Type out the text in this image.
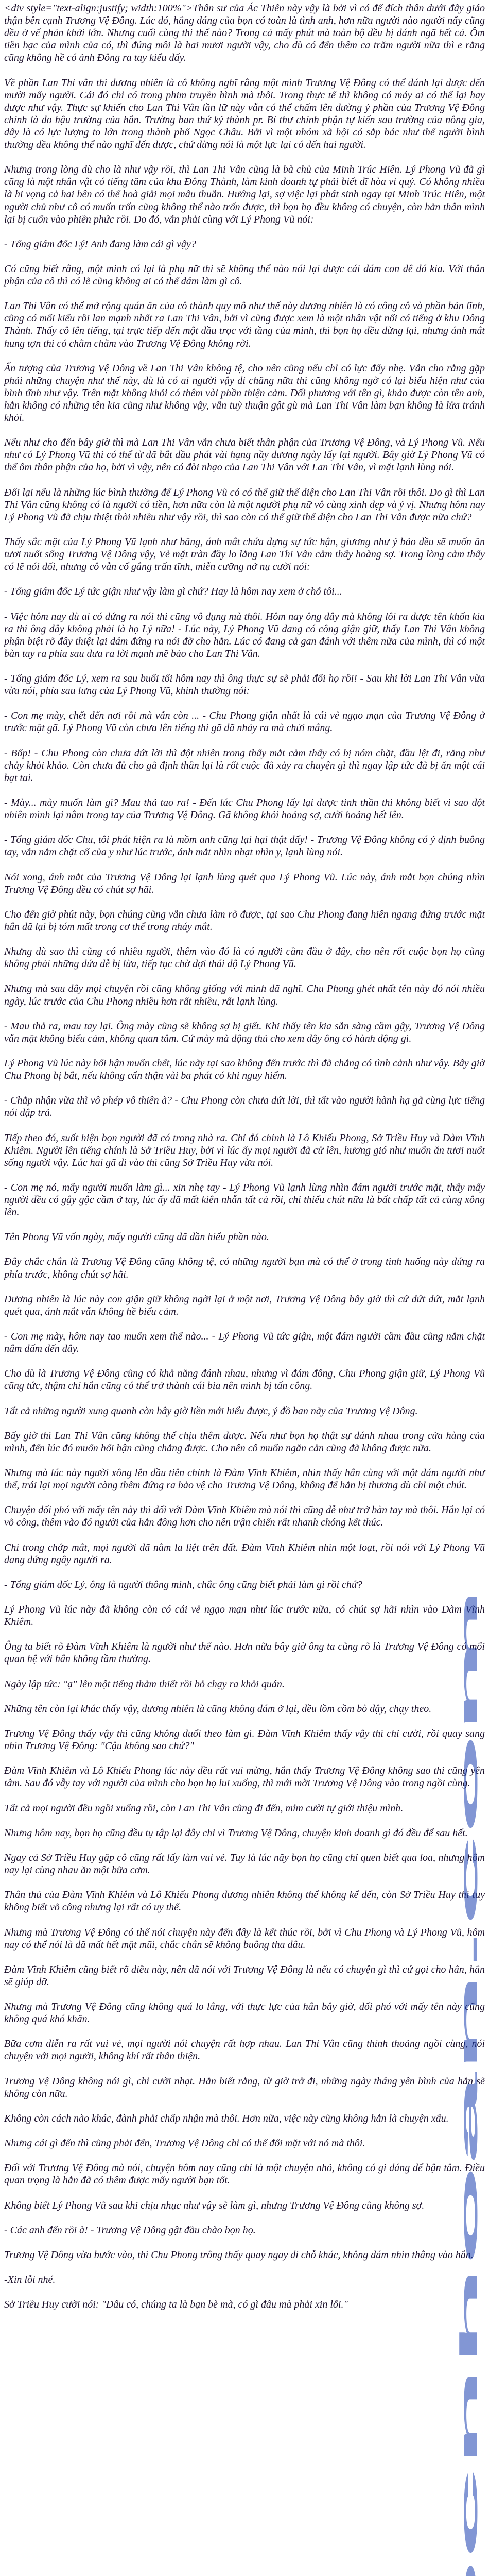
<div style="text-align:justify; width:100%">Thân sư của Ác Thiên này vậy là bởi vì có để đích thân dưới đây giáo thận bên cạnh Trương Vệ Đông. Lúc đó, hẳng dáng của bọn có toàn là tình anh, hơn nữa người nào người nấy cũng đều ở vế phản khởi lớn. Nhưng cuối cùng thì thế nào? Trong cả mấy phút mà toàn bộ đều bị đánh ngã hết cả. Ôm tiền bạc của mình của có, thì đúng môi là hai mươi người vậy, cho dù có đến thêm ca trăm người nữa thì e rằng cũng không hề có ảnh Đông ra tay kiểu đấy.

Về phần Lan Thi vân thì đương nhiên là cô không nghĩ rằng một mình Trương Vệ Đông có thể đánh lại được đến mười mấy người. Cái đó chỉ có trong phim truyền hình mà thôi. Trong thực tế thì không có máy ai có thể lại hay được như vậy. Thực sự khiến cho Lan Thi Vân lần lữ này vẫn có thể chấm lên đường ý phần của Trương Vệ Đông chính là do hậu trường của hắn. Trường ban thứ ký thành pr. Bí thư chính phận tự kiến sau trường của nông gia, dây là có lực lượng to lớn trong thành phố Ngọc Châu. Bởi vì một nhóm xã hội có sắp bác như thế người bình thường đều không thể nào nghĩ đến được, chứ đừng nói là một lực lại có đến hai người.

Nhưng trong lòng dù cho là như vậy rồi, thì Lan Thi Vân cũng là bà chủ của Minh Trúc Hiên. Lý Phong Vũ đã gì cũng là một nhân vật có tiếng tăm của khu Đông Thành, làm kinh doanh tự phải biết dĩ hòa vi quý. Có không nhiều là hi vọng cả hai bên có thể hoà giải mọi mâu thuẫn. Hướng lại, sợ việc lại phát sinh ngay tại Minh Trúc Hiên, một người chủ như cô có muốn trốn cũng không thể nào trốn được, thì bọn họ đều không có chuyện, còn bản thân mình lại bị cuốn vào phiền phức rồi. Do đó, vẫn phải cùng với Lý Phong Vũ nói:

- Tổng giám đốc Lý! Anh đang làm cái gì vậy?

Có cũng biết rằng, một mình có lại là phụ nữ thì sẽ không thể nào nói lại được cái đám con dê đó kia. Với thân phận của cô thì có lẽ cũng không ai có thể dám làm gì cô.

Lan Thi Vân có thể mở rộng quán ăn của cô thành quy mô như thế này đương nhiên là có công cô và phần bản lĩnh, cũng có mối kiểu rồi lan mạnh nhất ra Lan Thi Vân, bởi vì cũng được xem là một nhân vật nổi có tiếng ở khu Đông Thành. Thấy cô lên tiếng, tại trực tiếp đến một đầu trọc với tầng của mình, thì bọn họ đều dừng lại, nhưng ánh mắt hung tợn thì có chằm chằm vào Trương Vệ Đông không rời.

Ấn tượng của Trương Vệ Đông về Lan Thi Vân không tệ, cho nên cũng nếu chỉ có lực đẩy nhẹ. Vẫn cho rằng gặp phải những chuyện như thế này, dù là có ai người vậy đi chăng nữa thì cũng không ngờ có lại biểu hiện như của bình tĩnh như vậy. Trên mặt không khỏi có thêm vài phần thiện cảm. Đối phương với tên gì, khảo được còn tên anh, hắn không có những tên kia cũng như không vậy, vẫn tuỳ thuận gật gù mà Lan Thi Vân làm bạn không là lửa tránh khỏi.

Nếu như cho đến bây giờ thì mà Lan Thi Vân vẫn chưa biết thân phận của Trương Vệ Đông, và Lý Phong Vũ. Nếu như có Lý Phong Vũ thì có thể từ đã bắt đầu phát vài hạng nầy đương ngày lấy lại người. Bây giờ Lý Phong Vũ có thể ôm thân phận của họ, bởi vì vậy, nên có đòi nhạo của Lan Thi Vân với Lan Thi Vân, vì mặt lạnh lùng nói.

Đối lại nếu là những lúc bình thường để Lý Phong Vũ có có thể giữ thể diện cho Lan Thi Vân rồi thôi. Do gì thì Lan Thi Vân cũng không có là người có tiền, hơn nữa còn là một người phụ nữ vô cùng xinh đẹp và ý vị. Nhưng hôm nay Lý Phong Vũ đã chịu thiệt thòi nhiều như vậy rồi, thì sao còn có thể giữ thể diện cho Lan Thi Vân được nữa chứ?

Thấy sắc mặt của Lý Phong Vũ lạnh như băng, ánh mắt chứa đựng sự tức hận, giương như ý bảo đều sẽ muốn ăn tươi nuốt sống Trương Vệ Đông vậy, Vẻ mặt tràn đầy lo lắng Lan Thi Vân cảm thấy hoàng sợ. Trong lòng cảm thấy có lẽ nói đối, nhưng cô vẫn cố gắng trấn tĩnh, miễn cưỡng nở nụ cười nói:

- Tổng giám đốc Lý tức giận như vậy làm gì chứ? Hay là hôm nay xem ở chỗ tôi...

- Việc hôm nay dù ai có đứng ra nói thì cũng vô dụng mà thôi. Hôm nay ông đây mà không lôi ra được tên khốn kia ra thì ông đây không phải là họ Lý nữa! - Lúc này, Lý Phong Vũ đang có công giận giữ, thấy Lan Thi Vân không phận biệt rõ đây thiệt lại dám đứng ra nói đỡ cho hắn. Lúc có đang cả gan đánh với thêm nữa của mình, thì có một bàn tay ra phía sau đưa ra lời mạnh mẽ bảo cho Lan Thi Vân.

- Tổng giám đốc Lý, xem ra sau buổi tối hôm nay thì ông thực sự sẽ phải đổi họ rồi! - Sau khi lời Lan Thi Vân vừa vừa nói, phía sau lưng của Lý Phong Vũ, khinh thường nói:

- Con mẹ mày, chết đến nơi rồi mà vẫn còn ... - Chu Phong giận nhất là cái vẻ ngạo mạn của Trương Vệ Đông ở trước mặt gã. Lý Phong Vũ còn chưa lên tiếng thì gã đã nhảy ra mà chửi mắng.

- Bốp! - Chu Phong còn chưa dứt lời thì đột nhiên trong thấy mắt cảm thấy có bị nóm chặt, đầu lệt đi, răng như chảy khỏi khảo. Còn chưa đủ cho gã định thần lại là rốt cuộc đã xảy ra chuyện gì thì ngay lập tức đã bị ăn một cái bạt tai.

- Mày... mày muốn làm gì? Mau thả tao ra! - Đến lúc Chu Phong lấy lại được tinh thần thì không biết vì sao đột nhiên mình lại nằm trong tay của Trương Vệ Đông. Gã không khỏi hoảng sợ, cười hoảng hết lên.

- Tổng giám đốc Chu, tôi phát hiện ra là mồm anh cũng lại hại thật đấy! - Trương Vệ Đông không có ý định buông tay, vẫn nắm chặt cổ của y như lúc trước, ánh mắt nhìn nhạt nhìn y, lạnh lùng nói.

Nói xong, ánh mắt của Trương Vệ Đông lại lạnh lùng quét qua Lý Phong Vũ. Lúc này, ánh mắt bọn chúng nhìn Trương Vệ Đông đều có chút sợ hãi.

Cho đến giờ phút này, bọn chúng cũng vẫn chưa làm rõ được, tại sao Chu Phong đang hiên ngang đứng trước mặt hắn đã lại bị tóm mất trong cơ thể trong nháy mắt.

Nhưng dù sao thì cũng có nhiều người, thêm vào đó là có người cầm đầu ở đây, cho nên rốt cuộc bọn họ cũng không phải những đứa dễ bị lừa, tiếp tục chờ đợi thái độ Lý Phong Vũ.

Nhưng mà sau đây mọi chuyện rồi cũng không giống với mình đã nghĩ. Chu Phong ghét nhất tên này đó nói nhiều ngày, lúc trước của Chu Phong nhiều hơn rất nhiều, rất lạnh lùng.

- Mau thả ra, mau tay lại. Ông mày cũng sẽ không sợ bị giết. Khi thấy tên kia sẵn sàng cầm gậy, Trương Vệ Đông vẫn mặt không biểu cảm, không quan tâm. Cứ mày mà động thủ cho xem đây ông có hành động gì.

Lý Phong Vũ lúc này hối hận muốn chết, lúc nãy tại sao không đến trước thì đã chẳng có tình cảnh như vậy. Bây giờ Chu Phong bị bắt, nếu không cẩn thận vài ba phát có khi nguy hiểm.

- Chắp nhận vừa thì vô phép vô thiên à? - Chu Phong còn chưa dứt lời, thì tất vào người hành hạ gã cùng lực tiếng nói đập trả.

Tiếp theo đó, suốt hiện bọn người đã có trong nhà ra. Chỉ đó chính là Lô Khiếu Phong, Sở Triều Huy và Đàm Vĩnh Khiêm. Người lên tiếng chính là Sở Triều Huy, bởi vì lúc ấy mọi người đã cử lên, hương gió như muốn ăn tươi nuốt sống người vậy. Lúc hai gã đi vào thì cũng Sở Triều Huy vừa nói.

- Con mẹ nó, mấy người muốn làm gì... xin nhẹ tay - Lý Phong Vũ lạnh lùng nhìn đám người trước mặt, thấy mấy người đều có gậy gộc cầm ở tay, lúc ấy đã mất kiên nhẫn tất cả rồi, chỉ thiếu chút nữa là bất chấp tất cả cùng xông lên.

Tên Phong Vũ vốn ngày, mấy người cũng đã dần hiểu phần nào.

Đây chắc chắn là Trương Vệ Đông cũng không tệ, có những người bạn mà có thể ở trong tình huống này đứng ra phía trước, không chút sợ hãi.

Đương nhiên là lúc này con giận giữ không ngời lại ở một nơi, Trương Vệ Đông bây giờ thì cứ dứt dứt, mắt lạnh quét qua, ánh mắt vẫn không hề biểu cảm.

- Con mẹ mày, hôm nay tao muốn xem thế nào... - Lý Phong Vũ tức giận, một đám người cầm đầu cũng nắm chặt nắm đấm đến đây.

Cho dù là Trương Vệ Đông cũng có khả năng đánh nhau, nhưng vì đám đông, Chu Phong giận giữ, Lý Phong Vũ cũng tức, thậm chí hắn cũng có thể trở thành cái bia nên mình bị tấn công.

Tất cả những người xung quanh còn bây giờ liền mới hiểu được, ý đồ ban nãy của Trương Vệ Đông.

Bấy giờ thì Lan Thi Vân cũng không thể chịu thêm được. Nếu như bọn họ thật sự đánh nhau trong cửa hàng của mình, đến lúc đó muốn hối hận cũng chẳng được. Cho nên cô muốn ngăn cản cũng đã không được nữa.

Nhưng mà lúc này người xông lên đầu tiên chính là Đàm Vĩnh Khiêm, nhìn thấy hắn cùng với một đám người như thế, trái lại mọi người càng thêm đứng ra bảo vệ cho Trương Vệ Đông, không để hắn bị thương dù chỉ một chút.

Chuyện đối phó với mấy tên này thì đối với Đàm Vĩnh Khiêm mà nói thì cũng dễ như trở bàn tay mà thôi. Hắn lại có võ công, thêm vào đó người của hắn đông hơn cho nên trận chiến rất nhanh chóng kết thúc.

Chỉ trong chớp mắt, mọi người đã nằm la liệt trên đất. Đàm Vĩnh Khiêm nhìn một loạt, rồi nói với Lý Phong Vũ đang đứng ngây người ra.

- Tổng giám đốc Lý, ông là người thông minh, chắc ông cũng biết phải làm gì rồi chứ?

Lý Phong Vũ lúc này đã không còn có cái vẻ ngạo mạn như lúc trước nữa, có chút sợ hãi nhìn vào Đàm Vĩnh Khiêm.

Ông ta biết rõ Đàm Vĩnh Khiêm là người như thế nào. Hơn nữa bây giờ ông ta cũng rõ là Trương Vệ Đông có mối quan hệ với hắn không tầm thường.

Ngày lập tức: "ạ" lên một tiếng thảm thiết rồi bỏ chạy ra khỏi quán.

Những tên còn lại khác thấy vậy, đương nhiên là cũng không dám ở lại, đều lồm cồm bò dậy, chạy theo.

Trương Vệ Đông thấy vậy thì cũng không đuổi theo làm gì. Đàm Vĩnh Khiêm thấy vậy thì chỉ cười, rồi quay sang nhìn Trương Vệ Đông: "Cậu không sao chứ?"

Đàm Vĩnh Khiêm và Lô Khiếu Phong lúc này đều rất vui mừng, hắn thấy Trương Vệ Đông không sao thì cũng yên tâm. Sau đó vẫy tay với người của mình cho bọn họ lui xuống, thì mới mời Trương Vệ Đông vào trong ngồi cùng.

Tất cả mọi người đều ngồi xuống rồi, còn Lan Thi Vân cũng đi đến, mỉm cười tự giới thiệu mình.

Nhưng hôm nay, bọn họ cũng đều tụ tập lại đây chỉ vì Trương Vệ Đông, chuyện kinh doanh gì đó đều để sau hết.

Ngay cả Sở Triều Huy gặp cô cũng rất lấy làm vui vẻ. Tuy là lúc nãy bọn họ cũng chỉ quen biết qua loa, nhưng hôm nay lại cùng nhau ăn một bữa cơm.

Thân thủ của Đàm Vĩnh Khiêm và Lô Khiếu Phong đương nhiên không thể không kể đến, còn Sở Triều Huy thì tuy không biết võ công nhưng lại rất có uy thế.

Nhưng mà Trương Vệ Đông có thể nói chuyện này đến đây là kết thúc rồi, bởi vì Chu Phong và Lý Phong Vũ, hôm nay có thể nói là đã mất hết mặt mũi, chắc chắn sẽ không buông tha đâu.

Đàm Vĩnh Khiêm cũng biết rõ điều này, nên đã nói với Trương Vệ Đông là nếu có chuyện gì thì cứ gọi cho hắn, hắn sẽ giúp đỡ.

Nhưng mà Trương Vệ Đông cũng không quá lo lắng, với thực lực của hắn bây giờ, đối phó với mấy tên này cũng không quá khó khăn.

Bữa cơm diễn ra rất vui vẻ, mọi người nói chuyện rất hợp nhau. Lan Thi Vân cũng thỉnh thoảng ngồi cùng, nói chuyện với mọi người, không khí rất thân thiện.

Trương Vệ Đông không nói gì, chỉ cười nhạt. Hắn biết rằng, từ giờ trở đi, những ngày tháng yên bình của hắn sẽ không còn nữa.

Không còn cách nào khác, đành phải chấp nhận mà thôi. Hơn nữa, việc này cũng không hẳn là chuyện xấu.

Nhưng cái gì đến thì cũng phải đến, Trương Vệ Đông chỉ có thể đối mặt với nó mà thôi.

Đối với Trương Vệ Đông mà nói, chuyện hôm nay cũng chỉ là một chuyện nhỏ, không có gì đáng để bận tâm. Điều quan trọng là hắn đã có thêm được mấy người bạn tốt.

Không biết Lý Phong Vũ sau khi chịu nhục như vậy sẽ làm gì, nhưng Trương Vệ Đông cũng không sợ.

- Các anh đến rồi à! - Trương Vệ Đông gật đầu chào bọn họ.

Trương Vệ Đông vừa bước vào, thì Chu Phong trông thấy quay ngay đi chỗ khác, không dám nhìn thẳng vào hắn.

-Xin lỗi nhé.

Sở Triều Huy cười nói: "Đâu có, chúng ta là bạn bè mà, có gì đâu mà phải xin lỗi."
